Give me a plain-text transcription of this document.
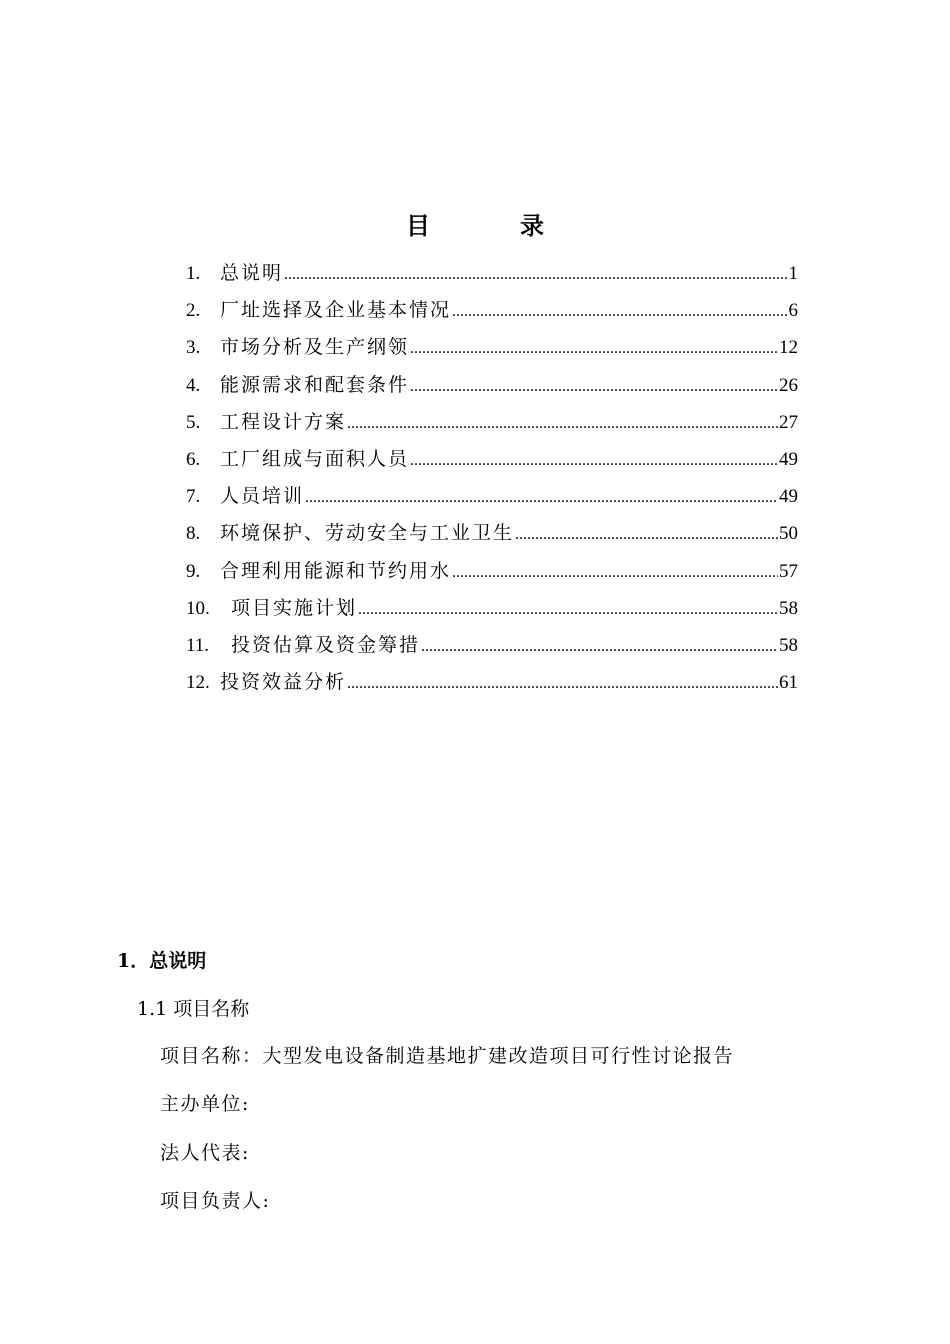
目	录
1.	总说明 .....	1
2.	厂址选择及企业基本情况 .....	6
3.	市场分析及生产纲领 .....	12
4.	能源需求和配套条件 .....	26
5.	工程设计方案 .....	27
6.	工厂组成与面积人员 .....	49
7.	人员培训 .....	49
8.	环境保护、劳动安全与工业卫生 .....	50
9.	合理利用能源和节约用水 .....	57
10.	项目实施计划 .....	58
11.	投资估算及资金筹措 .....	58
12. 投资效益分析 .....	61
1．总说明
1.1 项目名称
项目名称：大型发电设备制造基地扩建改造项目可行性讨论报告
主办单位:
法人代表:
项目负责人:
